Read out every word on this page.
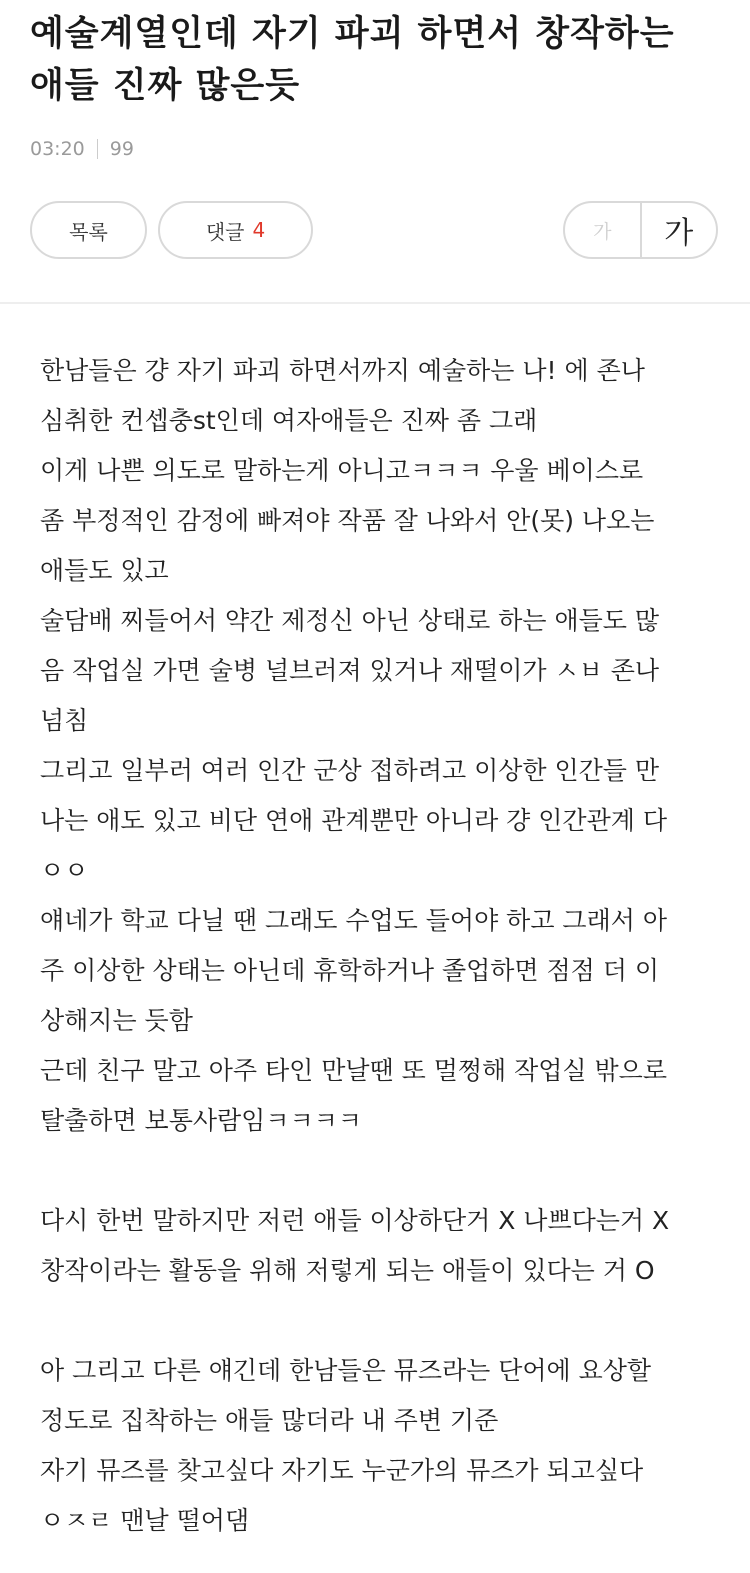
예술계열인데 자기 파괴 하면서 창작하는
애들 진짜 많은듯
03:20 99
목록	댓글 4	가 가
한남들은 걍 자기 파괴 하면서까지 예술하는 나! 에 존나
심취한 컨셉충st인데 여자애들은 진짜 좀 그래
이게 나쁜 의도로 말하는게 아니고ㅋㅋㅋ 우울 베이스로
좀 부정적인 감정에 빠져야 작품 잘 나와서 안(못) 나오는
애들도 있고
술담배 찌들어서 약간 제정신 아닌 상태로 하는 애들도 많
음 작업실 가면 술병 널브러져 있거나 재떨이가 ㅅㅂ 존나
넘침
그리고 일부러 여러 인간 군상 접하려고 이상한 인간들 만
나는 애도 있고 비단 연애 관계뿐만 아니라 걍 인간관계 다
ㅇㅇ
얘네가 학교 다닐 땐 그래도 수업도 들어야 하고 그래서 아
주 이상한 상태는 아닌데 휴학하거나 졸업하면 점점 더 이
상해지는 듯함
근데 친구 말고 아주 타인 만날땐 또 멀쩡해 작업실 밖으로
탈출하면 보통사람임ㅋㅋㅋㅋ
다시 한번 말하지만 저런 애들 이상하단거 X 나쁘다는거 X
창작이라는 활동을 위해 저렇게 되는 애들이 있다는 거 O
아 그리고 다른 얘긴데 한남들은 뮤즈라는 단어에 요상할
정도로 집착하는 애들 많더라 내 주변 기준
자기 뮤즈를 찾고싶다 자기도 누군가의 뮤즈가 되고싶다
ㅇㅈㄹ 맨날 떨어댐
